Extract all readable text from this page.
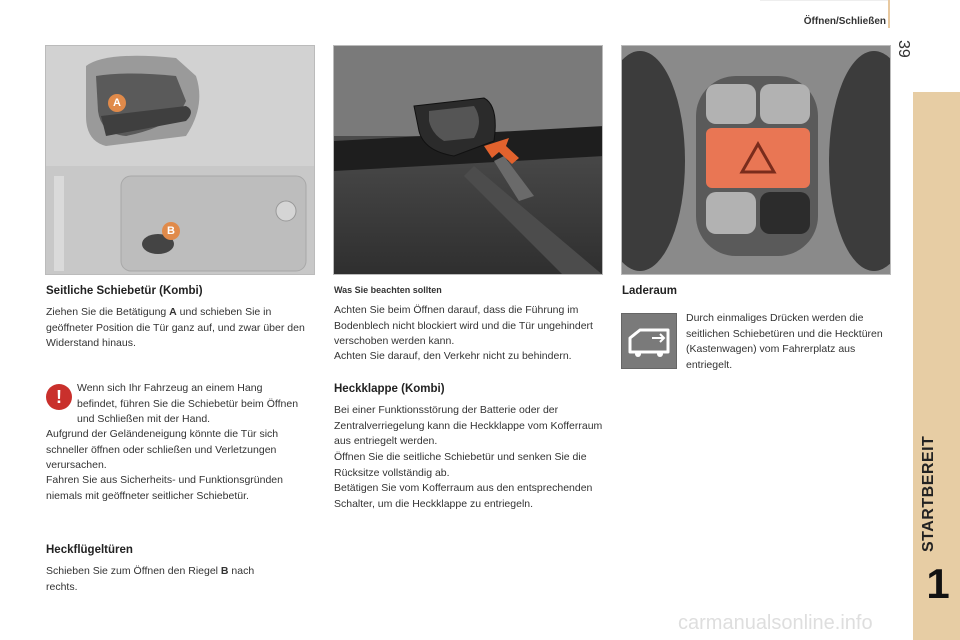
Öffnen/Schließen
39
STARTBEREIT
1
A
B
Seitliche Schiebetür (Kombi)

Ziehen Sie die Betätigung A und schieben Sie in geöffneter Position die Tür ganz auf, und zwar über den Widerstand hinaus.

!	Wenn sich Ihr Fahrzeug an einem Hang befindet, führen Sie die Schiebetür beim Öffnen und Schließen mit der Hand.

Aufgrund der Geländeneigung könnte die Tür sich schneller öffnen oder schließen und Verletzungen verursachen.

Fahren Sie aus Sicherheits- und Funktionsgründen niemals mit geöffneter seitlicher Schiebetür.

Heckflügeltüren

Schieben Sie zum Öffnen den Riegel B nach rechts.

Was Sie beachten sollten

Achten Sie beim Öffnen darauf, dass die Führung im Bodenblech nicht blockiert wird und die Tür ungehindert verschoben werden kann.

Achten Sie darauf, den Verkehr nicht zu behindern.

Heckklappe (Kombi)

Bei einer Funktionsstörung der Batterie oder der Zentralverriegelung kann die Heckklappe vom Kofferraum aus entriegelt werden.

Öffnen Sie die seitliche Schiebetür und senken Sie die Rücksitze vollständig ab.

Betätigen Sie vom Kofferraum aus den entsprechenden Schalter, um die Heckklappe zu entriegeln.

Laderaum

Durch einmaliges Drücken werden die seitlichen Schiebetüren und die Hecktüren (Kastenwagen) vom Fahrerplatz aus entriegelt.

carmanualsonline.info
